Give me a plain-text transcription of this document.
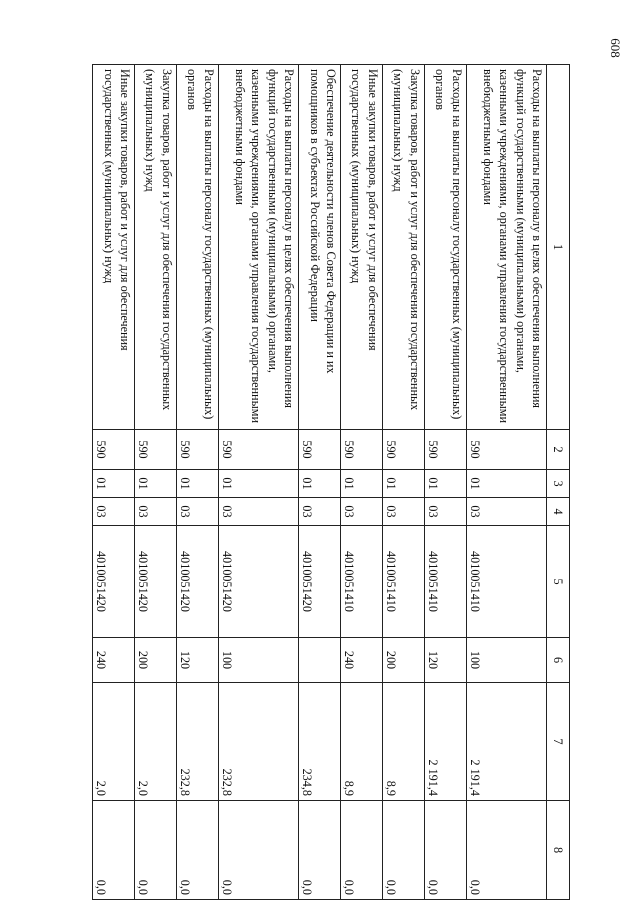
608
1	2	3	4	5	6	7	8
Расходы на выплаты персоналу в целях обеспечения выполнения функций государственными (муниципальными) органами, казенными учреждениями, органами управления государственными внебюджетными фондами	590	01	03	4010051410	100	2 191,4	0,0
Расходы на выплаты персоналу государственных (муниципальных) органов	590	01	03	4010051410	120	2 191,4	0,0
Закупка товаров, работ и услуг для обеспечения государственных (муниципальных) нужд	590	01	03	4010051410	200	8,9	0,0
Иные закупки товаров, работ и услуг для обеспечения государственных (муниципальных) нужд	590	01	03	4010051410	240	8,9	0,0
Обеспечение деятельности членов Совета Федерации и их помощников в субъектах Российской Федерации	590	01	03	4010051420		234,8	0,0
Расходы на выплаты персоналу в целях обеспечения выполнения функций государственными (муниципальными) органами, казенными учреждениями, органами управления государственными внебюджетными фондами	590	01	03	4010051420	100	232,8	0,0
Расходы на выплаты персоналу государственных (муниципальных) органов	590	01	03	4010051420	120	232,8	0,0
Закупка товаров, работ и услуг для обеспечения государственных (муниципальных) нужд	590	01	03	4010051420	200	2,0	0,0
Иные закупки товаров, работ и услуг для обеспечения государственных (муниципальных) нужд	590	01	03	4010051420	240	2,0	0,0
